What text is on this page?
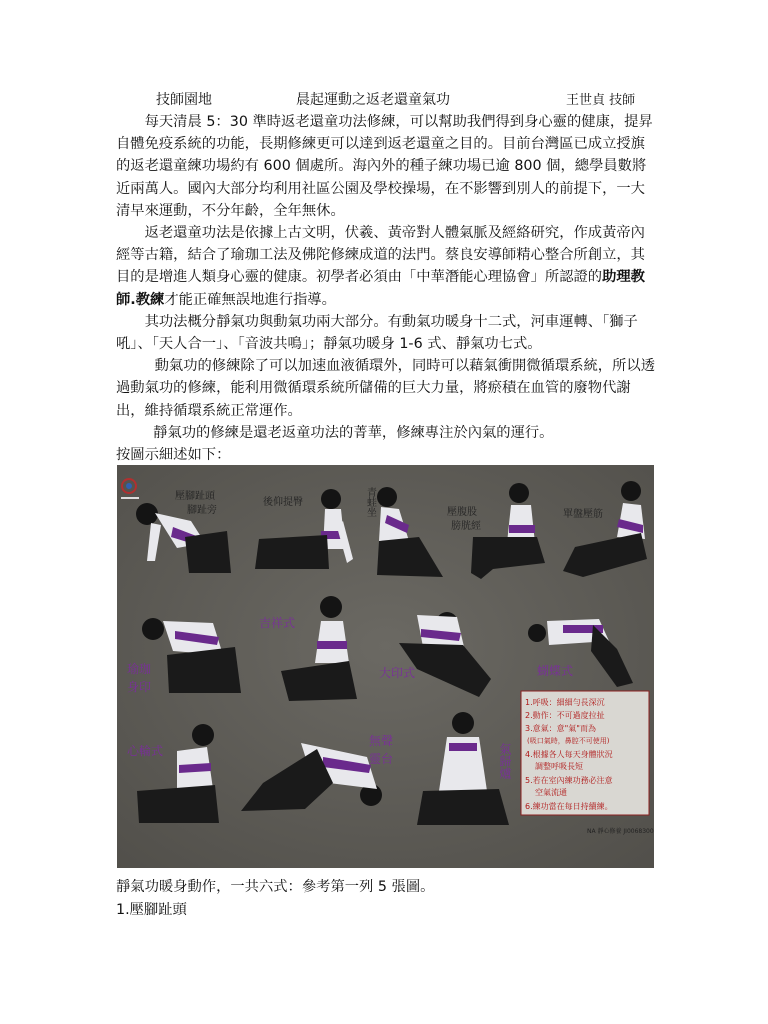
技師園地	晨起運動之返老還童氣功	王世貞 技師

每天清晨 5：30 準時返老還童功法修練，可以幫助我們得到身心靈的健康，提昇自體免疫系統的功能，長期修練更可以達到返老還童之目的。目前台灣區已成立授旗的返老還童練功場約有 600 個處所。海內外的種子練功場已逾 800 個，總學員數將近兩萬人。國內大部分均利用社區公園及學校操場，在不影響到別人的前提下，一大清早來運動，不分年齡，全年無休。

返老還童功法是依據上古文明，伏羲、黃帝對人體氣脈及經絡研究，作成黃帝內經等古籍，結合了瑜珈工法及佛陀修練成道的法門。蔡良安導師精心整合所創立，其目的是增進人類身心靈的健康。初學者必須由「中華潛能心理協會」所認證的助理教師.教練才能正確無誤地進行指導。

其功法概分靜氣功與動氣功兩大部分。有動氣功暖身十二式，河車運轉、「獅子吼」、「天人合一」、「音波共鳴」；靜氣功暖身 1-6 式、靜氣功七式。

動氣功的修練除了可以加速血液循環外，同時可以藉氣衝開微循環系統，所以透過動氣功的修練，能利用微循環系統所儲備的巨大力量，將瘀積在血管的廢物代謝出，維持循環系統正常運作。

靜氣功的修練是還老返童功法的菁華，修練專注於內氣的運行。

按圖示細述如下：

壓腳趾頭
腳趾旁
後仰提臀	青蛙坐	壓腹股
膀胱經
單盤壓筋
瑜珈
身印
吉祥式
大印式	蝴蝶式
心輪式
無聲
靈台	氣歸爐
1.呼吸：細細勻長深沉
2.動作：不可過度拉扯
3.意氣：意"氣"而為
(吸口氣時，鼻腔不可使用)
4.根據各人每天身體狀況
調整呼吸長短
5.若在室內練功務必注意
空氣流通
6.練功當在每日持續練。
NA 靜心修養 JI0068300
靜氣功暖身動作，一共六式：參考第一列 5 張圖。
1.壓腳趾頭
